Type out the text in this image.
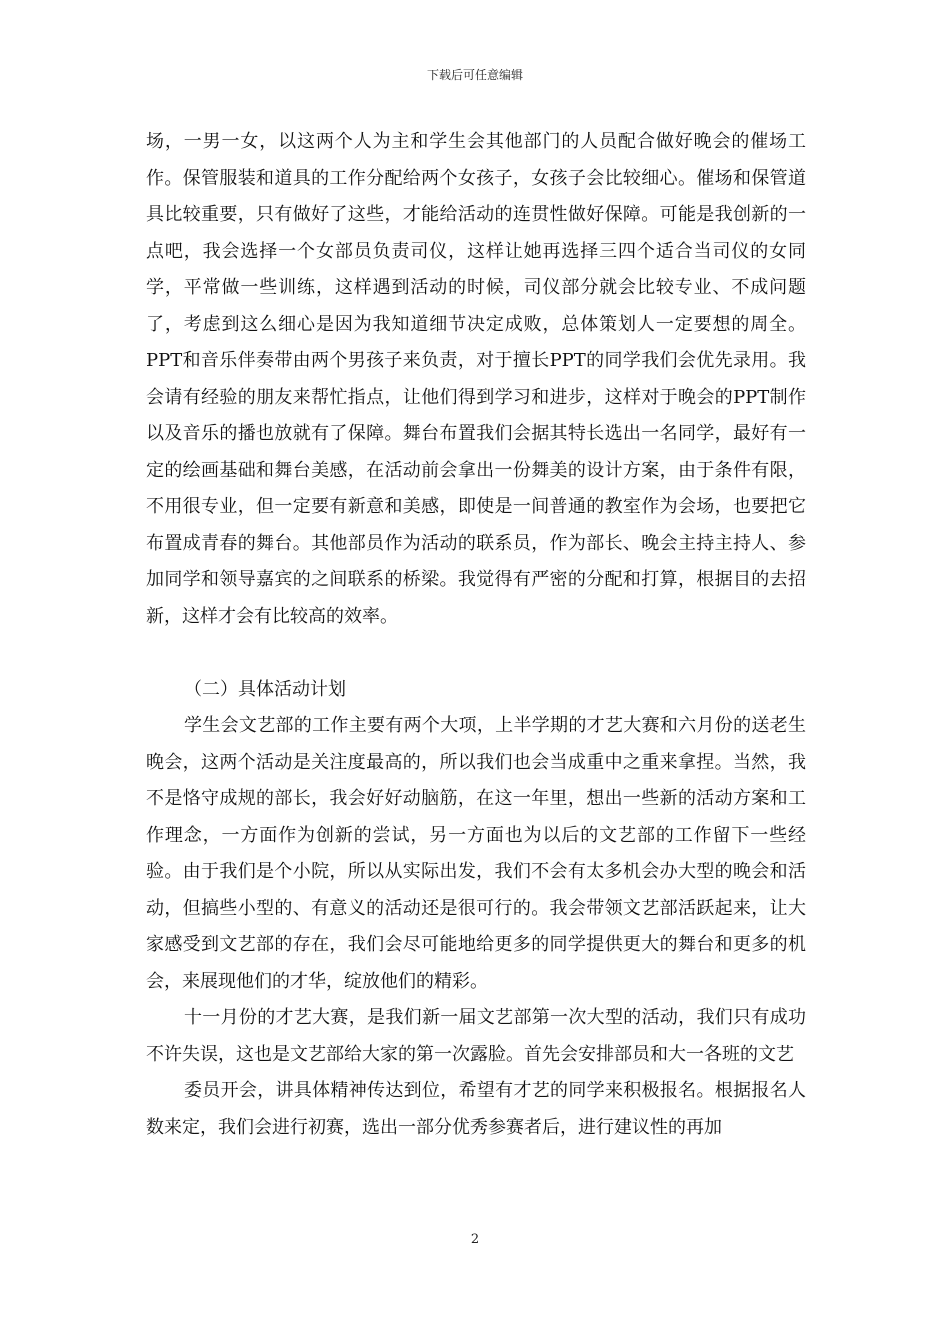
下载后可任意编辑

场，一男一女，以这两个人为主和学生会其他部门的人员配合做好晚会的催场工作。保管服装和道具的工作分配给两个女孩子，女孩子会比较细心。催场和保管道具比较重要，只有做好了这些，才能给活动的连贯性做好保障。可能是我创新的一点吧，我会选择一个女部员负责司仪，这样让她再选择三四个适合当司仪的女同学，平常做一些训练，这样遇到活动的时候，司仪部分就会比较专业、不成问题了，考虑到这么细心是因为我知道细节决定成败，总体策划人一定要想的周全。PPT和音乐伴奏带由两个男孩子来负责，对于擅长PPT的同学我们会优先录用。我会请有经验的朋友来帮忙指点，让他们得到学习和进步，这样对于晚会的PPT制作以及音乐的播也放就有了保障。舞台布置我们会据其特长选出一名同学，最好有一定的绘画基础和舞台美感，在活动前会拿出一份舞美的设计方案，由于条件有限，不用很专业，但一定要有新意和美感，即使是一间普通的教室作为会场，也要把它布置成青春的舞台。其他部员作为活动的联系员，作为部长、晚会主持主持人、参加同学和领导嘉宾的之间联系的桥梁。我觉得有严密的分配和打算，根据目的去招新，这样才会有比较高的效率。

（二）具体活动计划

学生会文艺部的工作主要有两个大项，上半学期的才艺大赛和六月份的送老生晚会，这两个活动是关注度最高的，所以我们也会当成重中之重来拿捏。当然，我不是恪守成规的部长，我会好好动脑筋，在这一年里，想出一些新的活动方案和工作理念，一方面作为创新的尝试，另一方面也为以后的文艺部的工作留下一些经验。由于我们是个小院，所以从实际出发，我们不会有太多机会办大型的晚会和活动，但搞些小型的、有意义的活动还是很可行的。我会带领文艺部活跃起来，让大家感受到文艺部的存在，我们会尽可能地给更多的同学提供更大的舞台和更多的机会，来展现他们的才华，绽放他们的精彩。

十一月份的才艺大赛，是我们新一届文艺部第一次大型的活动，我们只有成功不许失误，这也是文艺部给大家的第一次露脸。首先会安排部员和大一各班的文艺

委员开会，讲具体精神传达到位，希望有才艺的同学来积极报名。根据报名人数来定，我们会进行初赛，选出一部分优秀参赛者后，进行建议性的再加

2
